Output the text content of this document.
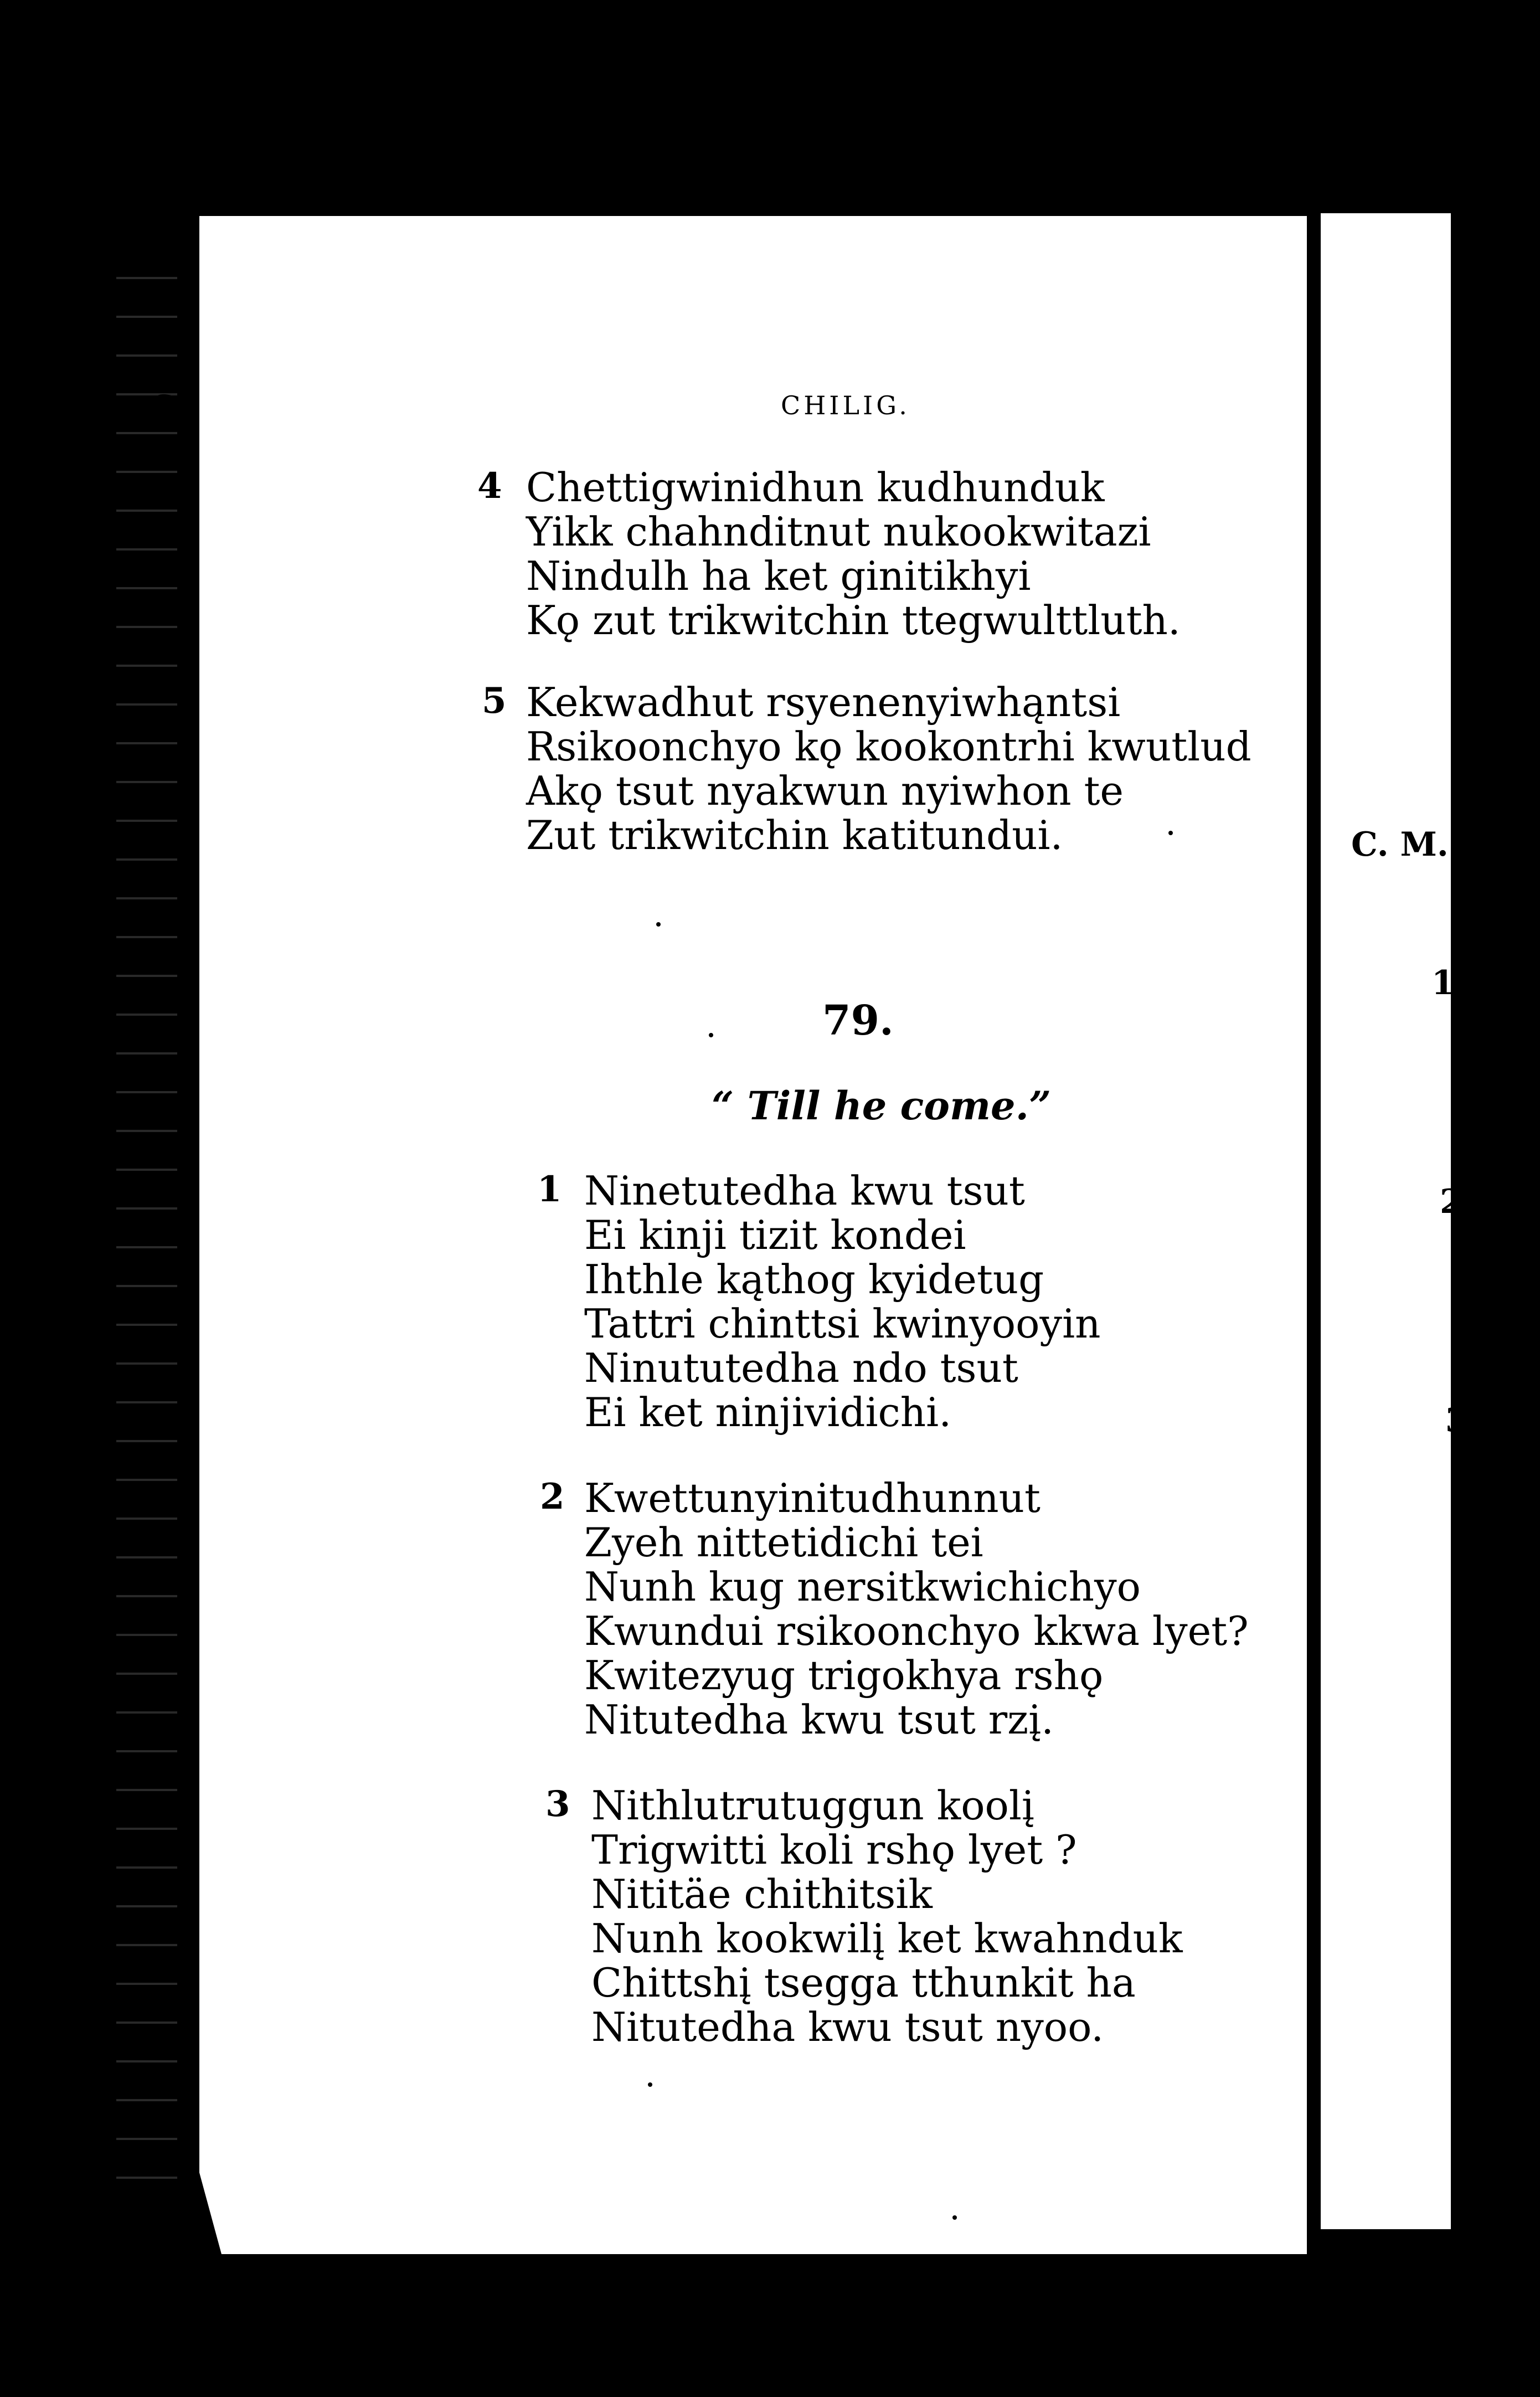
60	CHILIG.
4 Chettigwinidhun kudhunduk
Yikk chahnditnut nukookwitazi
Nindulh ha ket ginitikhyi
Kǫ zut trikwitchin ttegwulttluth.
5 Kekwadhut rsyenenyiwhąntsi
Rsikoonchyo kǫ kookontrhi kwutlud
Akǫ tsut nyakwun nyiwhon te
Zut trikwitchin katitundui.
79.
“ Till he come.”
1 Ninetutedha kwu tsut
Ei kinji tizit kondei
Ihthle kąthog kyidetug
Tattri chinttsi kwinyooyin
Ninututedha ndo tsut
Ei ket ninjividichi.
2 Kwettunyinitudhunnut
Zyeh nittetidichi tei
Nunh kug nersitkwichichyo
Kwundui rsikoonchyo kkwa lyet?
Kwitezyug trigokhya rshǫ
Nitutedha kwu tsut rzį.
3 Nithlutrutuggun koolį
Trigwitti koli rshǫ lyet ?
Nititäe chithitsik
Nunh kookwilį ket kwahnduk
Chittshį tsegga tthunkit ha
Nitutedha kwu tsut nyoo.
C. M.
1
2
3
4
5
